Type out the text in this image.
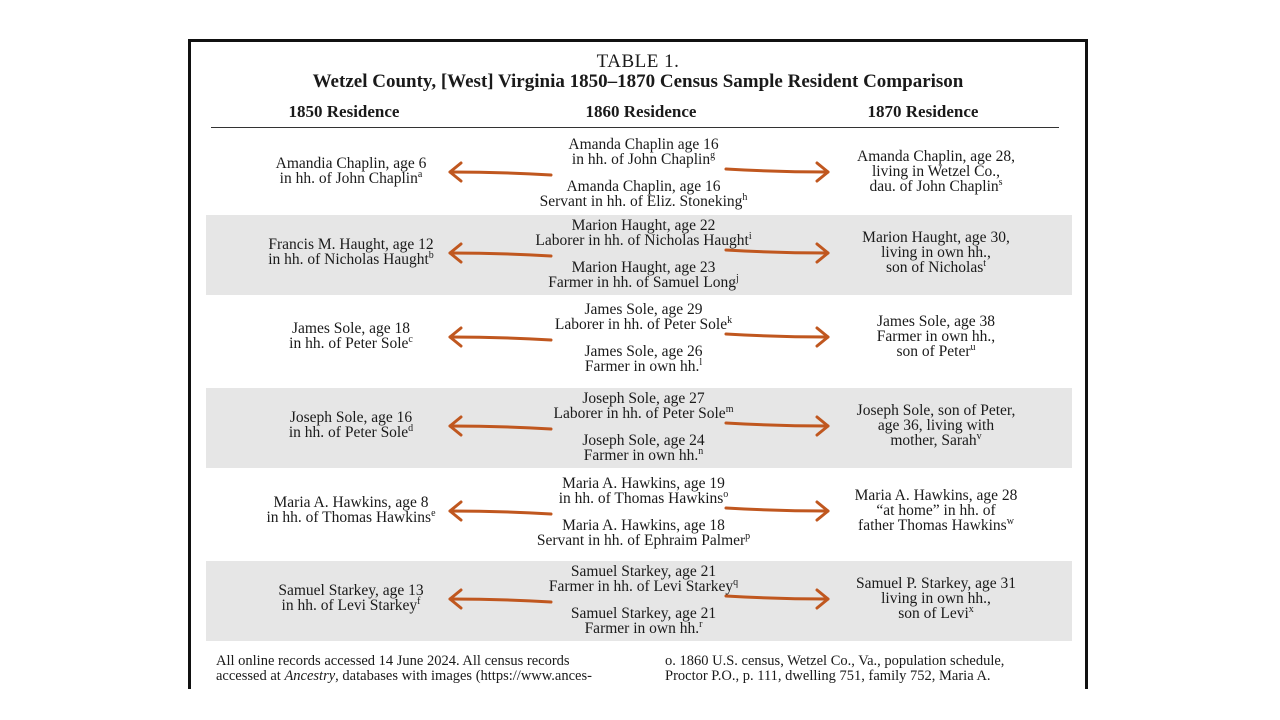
TABLE 1.
Wetzel County, [West] Virginia 1850–1870 Census Sample Resident Comparison
1850 Residence	1860 Residence	1870 Residence
Amandia Chaplin, age 6
in hh. of John Chaplin$^a$
Amanda Chaplin age 16
in hh. of John Chaplin$^g$
Amanda Chaplin, age 16
Servant in hh. of Eliz. Stoneking$^h$
Amanda Chaplin, age 28,
living in Wetzel Co.,
dau. of John Chaplin$^s$
Francis M. Haught, age 12
in hh. of Nicholas Haught$^b$
Marion Haught, age 22
Laborer in hh. of Nicholas Haught$^i$
Marion Haught, age 23
Farmer in hh. of Samuel Long$^j$
Marion Haught, age 30,
living in own hh.,
son of Nicholas$^t$
James Sole, age 18
in hh. of Peter Sole$^c$
James Sole, age 29
Laborer in hh. of Peter Sole$^k$
James Sole, age 26
Farmer in own hh.$^l$
James Sole, age 38
Farmer in own hh.,
son of Peter$^u$
Joseph Sole, age 16
in hh. of Peter Sole$^d$
Joseph Sole, age 27
Laborer in hh. of Peter Sole$^m$
Joseph Sole, age 24
Farmer in own hh.$^n$
Joseph Sole, son of Peter,
age 36, living with
mother, Sarah$^v$
Maria A. Hawkins, age 8
in hh. of Thomas Hawkins$^e$
Maria A. Hawkins, age 19
in hh. of Thomas Hawkins$^o$
Maria A. Hawkins, age 18
Servant in hh. of Ephraim Palmer$^p$
Maria A. Hawkins, age 28
“at home” in hh. of
father Thomas Hawkins$^w$
Samuel Starkey, age 13
in hh. of Levi Starkey$^f$
Samuel Starkey, age 21
Farmer in hh. of Levi Starkey$^q$
Samuel Starkey, age 21
Farmer in own hh.$^r$
Samuel P. Starkey, age 31
living in own hh.,
son of Levi$^x$
All online records accessed 14 June 2024. All census records
accessed at Ancestry, databases with images (https://www.ances-
o. 1860 U.S. census, Wetzel Co., Va., population schedule,
Proctor P.O., p. 111, dwelling 751, family 752, Maria A.
